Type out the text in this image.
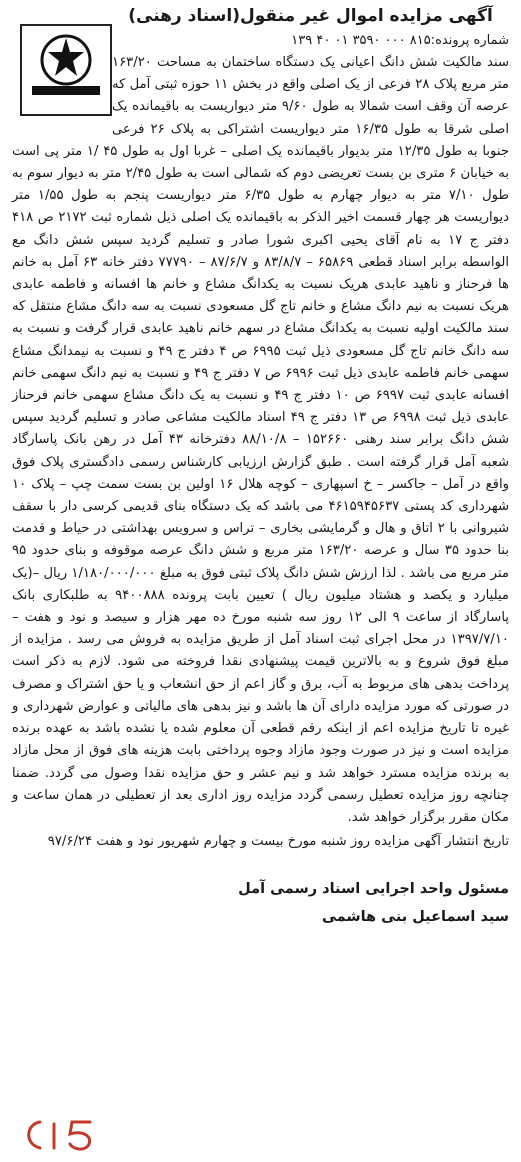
آگهی مزایده اموال غیر منقول(اسناد رهنی)
شماره پرونده:۸۱۵ ۰۰۰ ۳۵۹۰ ۰۱ ۴۰ ۱۳۹

سند مالکیت شش دانگ اعیانی یک دستگاه ساختمان به مساحت ۱۶۳/۲۰ متر مربع پلاک ۲۸ فرعی از یک اصلی واقع در بخش ۱۱ حوزه ثبتی آمل که عرصه آن وقف است شمالا به طول ۹/۶۰ متر دیواریست به باقیمانده یک اصلی شرقا به طول ۱۶/۳۵ متر دیواریست اشتراکی به پلاک ۲۶ فرعی جنوبا به طول ۱۲/۳۵ متر بدیوار باقیمانده یک اصلی – غربا اول به طول ۴۵ /۱ متر پی است به خیابان ۶ متری بن بست تعریضی دوم که شمالی است به طول ۲/۴۵ متر به دیوار سوم به طول ۷/۱۰ متر به دیوار چهارم به طول ۶/۳۵ متر دیواریست پنجم به طول ۱/۵۵ متر دیواریست هر چهار قسمت اخیر الذکر به باقیمانده یک اصلی ذیل شماره ثبت ۲۱۷۲ ص ۴۱۸ دفتر ج ۱۷ به نام آقای یحیی اکبری شورا صادر و تسلیم گردید سپس شش دانگ مع الواسطه برابر اسناد قطعی ۶۵۸۶۹ – ۸۳/۸/۷ و ۸۷/۶/۷ – ۷۷۷۹۰ دفتر خانه ۶۳ آمل به خانم ها فرحناز و ناهید عابدی هریک نسبت به یکدانگ مشاع و خانم ها افسانه و فاطمه عابدی هریک نسبت به نیم دانگ مشاع و خانم تاج گل مسعودی نسبت به سه دانگ مشاع منتقل که سند مالکیت اولیه نسبت به یکدانگ مشاع در سهم خانم ناهید عابدی قرار گرفت و نسبت به سه دانگ خانم تاج گل مسعودی ذیل ثبت ۶۹۹۵ ص ۴ دفتر ج ۴۹ و نسبت به نیمدانگ مشاع سهمی خانم فاطمه عابدی ذیل ثبت ۶۹۹۶ ص ۷ دفتر ج ۴۹ و نسبت به نیم دانگ سهمی خانم افسانه عابدی ثبت ۶۹۹۷ ص ۱۰ دفتر ج ۴۹ و نسبت به یک دانگ مشاع سهمی خانم فرحناز عابدی ذیل ثبت ۶۹۹۸ ص ۱۳ دفتر ج ۴۹ اسناد مالکیت مشاعی صادر و تسلیم گردید سپس شش دانگ برابر سند رهنی ۱۵۲۶۶۰ – ۸۸/۱۰/۸ دفترخانه ۴۳ آمل در رهن بانک پاسارگاد شعبه آمل قرار گرفته است . طبق گزارش ارزیابی کارشناس رسمی دادگستری پلاک فوق واقع در آمل – جاکسر – خ اسپهاری – کوچه هلال ۱۶ اولین بن بست سمت چپ – پلاک ۱۰ شهرداری کد پستی ۴۶۱۵۹۴۵۶۳۷ می باشد که یک دستگاه بنای قدیمی کرسی دار با سقف شیروانی با ۲ اتاق و هال و گرمایشی بخاری – تراس و سرویس بهداشتی در حیاط و قدمت بنا حدود ۳۵ سال و عرصه ۱۶۳/۲۰ متر مربع و شش دانگ عرصه موقوفه و بنای حدود ۹۵ متر مربع می باشد . لذا ارزش شش دانگ پلاک ثبتی فوق به مبلغ ۱/۱۸۰/۰۰۰/۰۰۰ ریال –(یک میلیارد و یکصد و هشتاد میلیون ریال ) تعیین بابت پرونده ۹۴۰۰۸۸۸ به طلبکاری بانک پاسارگاد از ساعت ۹ الی ۱۲ روز سه شنبه مورخ ده مهر هزار و سیصد و نود و هفت – ۱۳۹۷/۷/۱۰ در محل اجرای ثبت اسناد آمل از طریق مزایده به فروش می رسد . مزایده از مبلغ فوق شروع و به بالاترین قیمت پیشنهادی نقدا فروخته می شود. لازم به ذکر است پرداخت بدهی های مربوط به آب، برق و گاز اعم از حق انشعاب و یا حق اشتراک و مصرف در صورتی که مورد مزایده دارای آن ها باشد و نیز بدهی های مالیاتی و عوارض شهرداری و غیره تا تاریخ مزایده اعم از اینکه رقم قطعی آن معلوم شده یا نشده باشد به عهده برنده مزایده است و نیز در صورت وجود مازاد وجوه پرداختی بابت هزینه های فوق از محل مازاد به برنده مزایده مسترد خواهد شد و نیم عشر و حق مزایده نقدا وصول می گردد. ضمنا چنانچه روز مزایده تعطیل رسمی گردد مزایده روز اداری بعد از تعطیلی در همان ساعت و مکان مقرر برگزار خواهد شد.

تاریخ انتشار آگهی مزایده روز شنبه مورخ بیست و چهارم شهریور نود و هفت ۹۷/۶/۲۴
مسئول واحد اجرایی اسناد رسمی آمل
سید اسماعیل بنی هاشمی
